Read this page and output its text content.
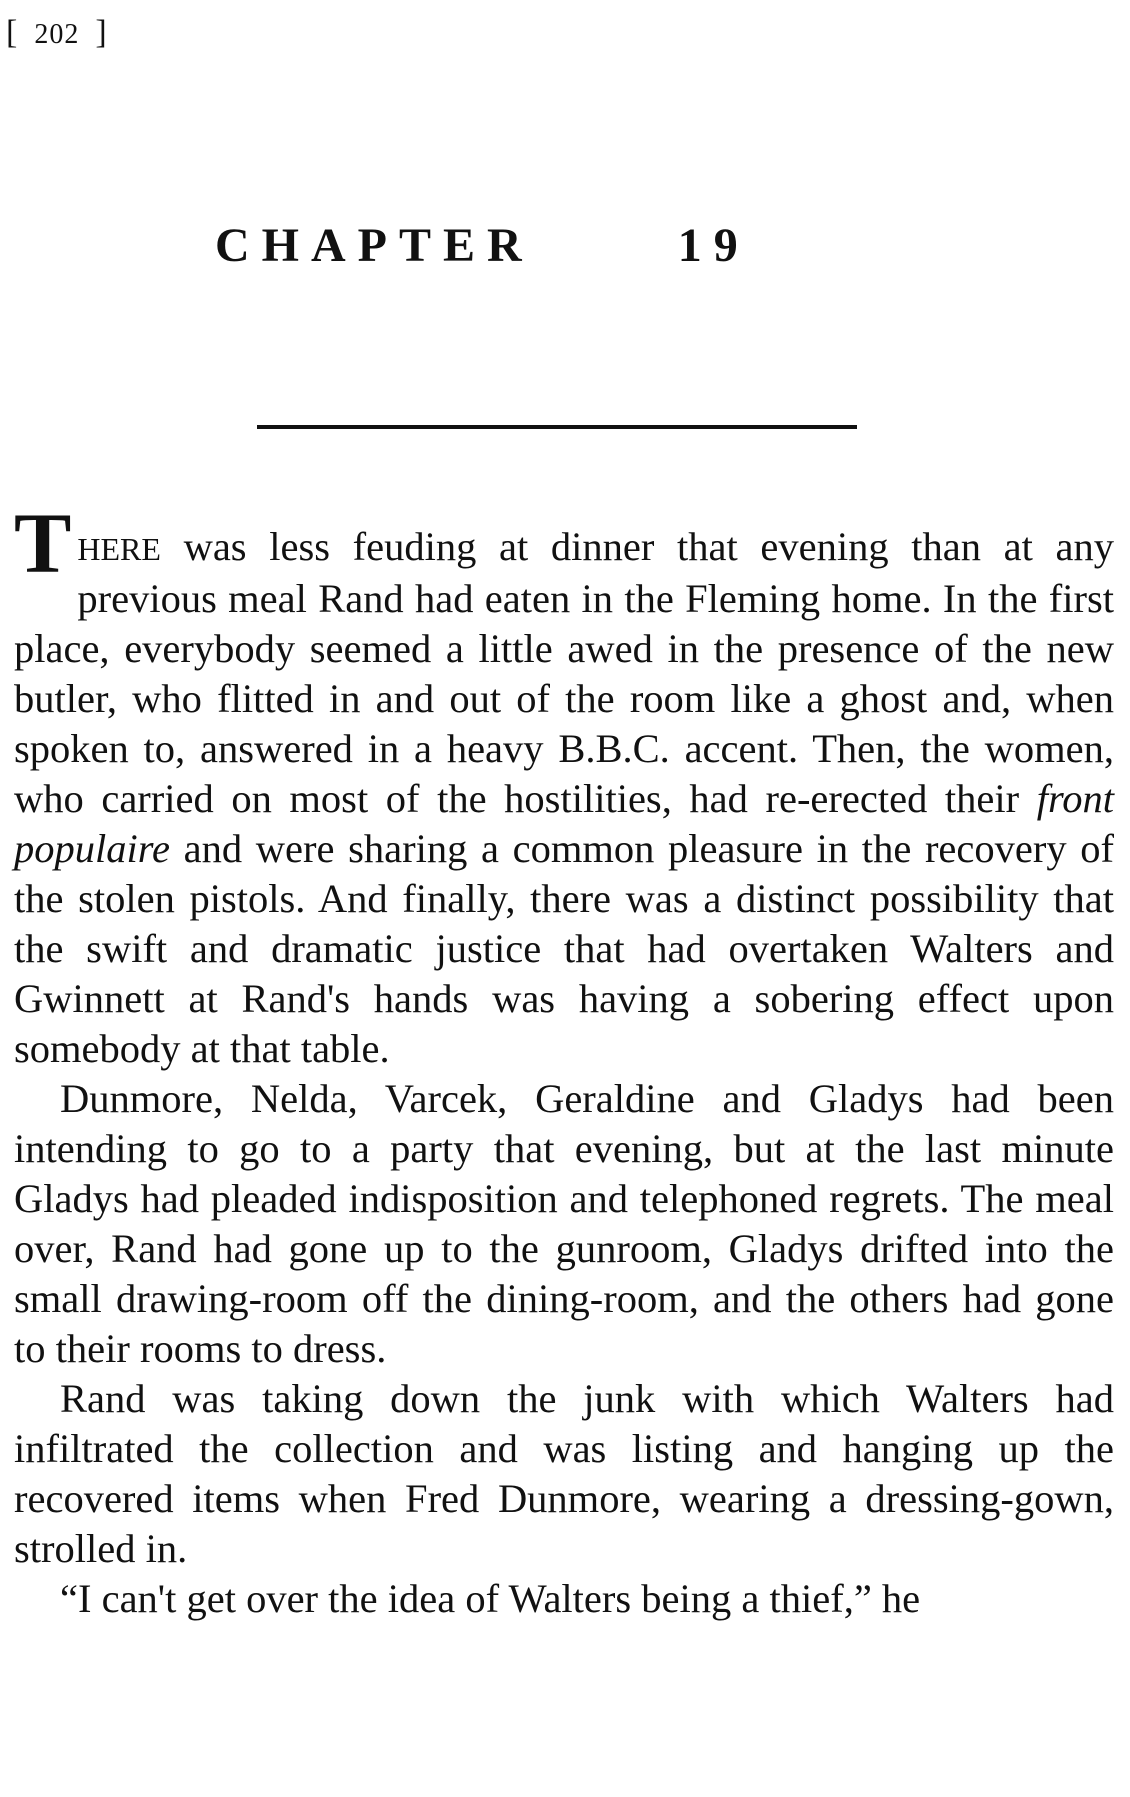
[ 202 ]
CHAPTER	19

THERE was less feuding at dinner that evening than at any previous meal Rand had eaten in the Fleming home. In the first place, everybody seemed a little awed in the presence of the new butler, who flitted in and out of the room like a ghost and, when spoken to, answered in a heavy B.B.C. accent. Then, the women, who carried on most of the hostilities, had re-erected their front populaire and were sharing a common pleasure in the recovery of the stolen pistols. And finally, there was a distinct possibility that the swift and dramatic justice that had overtaken Walters and Gwinnett at Rand's hands was having a sobering effect upon somebody at that table.

Dunmore, Nelda, Varcek, Geraldine and Gladys had been intending to go to a party that evening, but at the last minute Gladys had pleaded indisposition and telephoned regrets. The meal over, Rand had gone up to the gunroom, Gladys drifted into the small drawing-room off the dining-room, and the others had gone to their rooms to dress.

Rand was taking down the junk with which Walters had infiltrated the collection and was listing and hanging up the recovered items when Fred Dunmore, wearing a dressing-gown, strolled in.

“I can't get over the idea of Walters being a thief,” he
